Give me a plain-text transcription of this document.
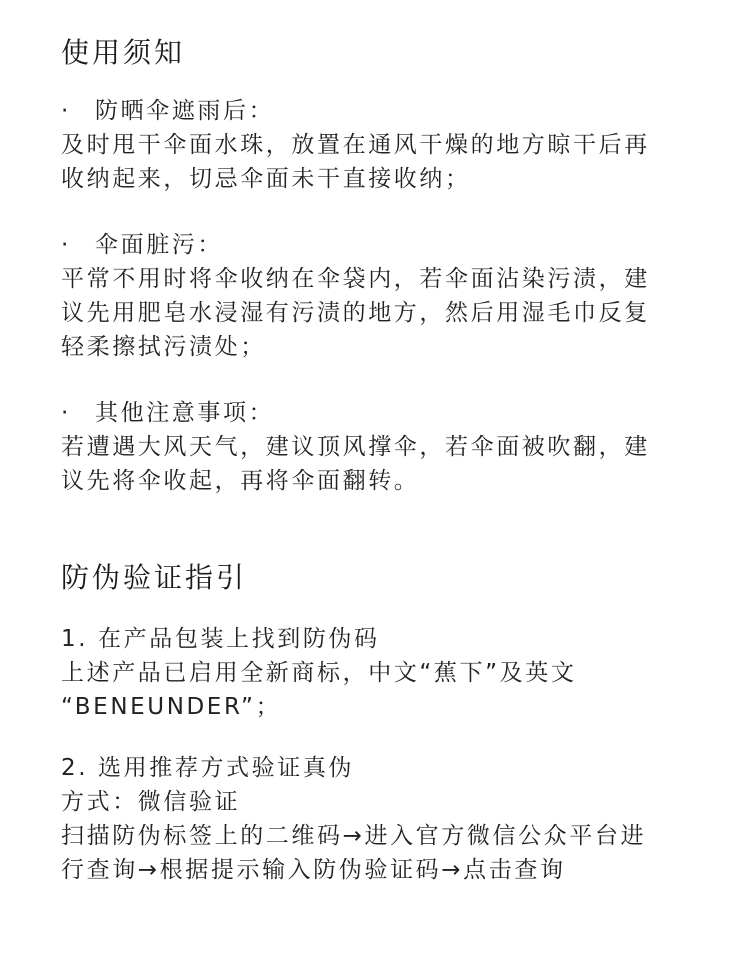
使用须知
·	防晒伞遮雨后：
及时甩干伞面水珠，放置在通风干燥的地方晾干后再
收纳起来，切忌伞面未干直接收纳；
·	伞面脏污：
平常不用时将伞收纳在伞袋内，若伞面沾染污渍，建
议先用肥皂水浸湿有污渍的地方，然后用湿毛巾反复
轻柔擦拭污渍处；
·	其他注意事项：
若遭遇大风天气，建议顶风撑伞，若伞面被吹翻，建
议先将伞收起，再将伞面翻转。
防伪验证指引
1. 在产品包装上找到防伪码
上述产品已启用全新商标，中文“蕉下”及英文
“BENEUNDER”；
2. 选用推荐方式验证真伪
方式：微信验证
扫描防伪标签上的二维码→进入官方微信公众平台进
行查询→根据提示输入防伪验证码→点击查询
